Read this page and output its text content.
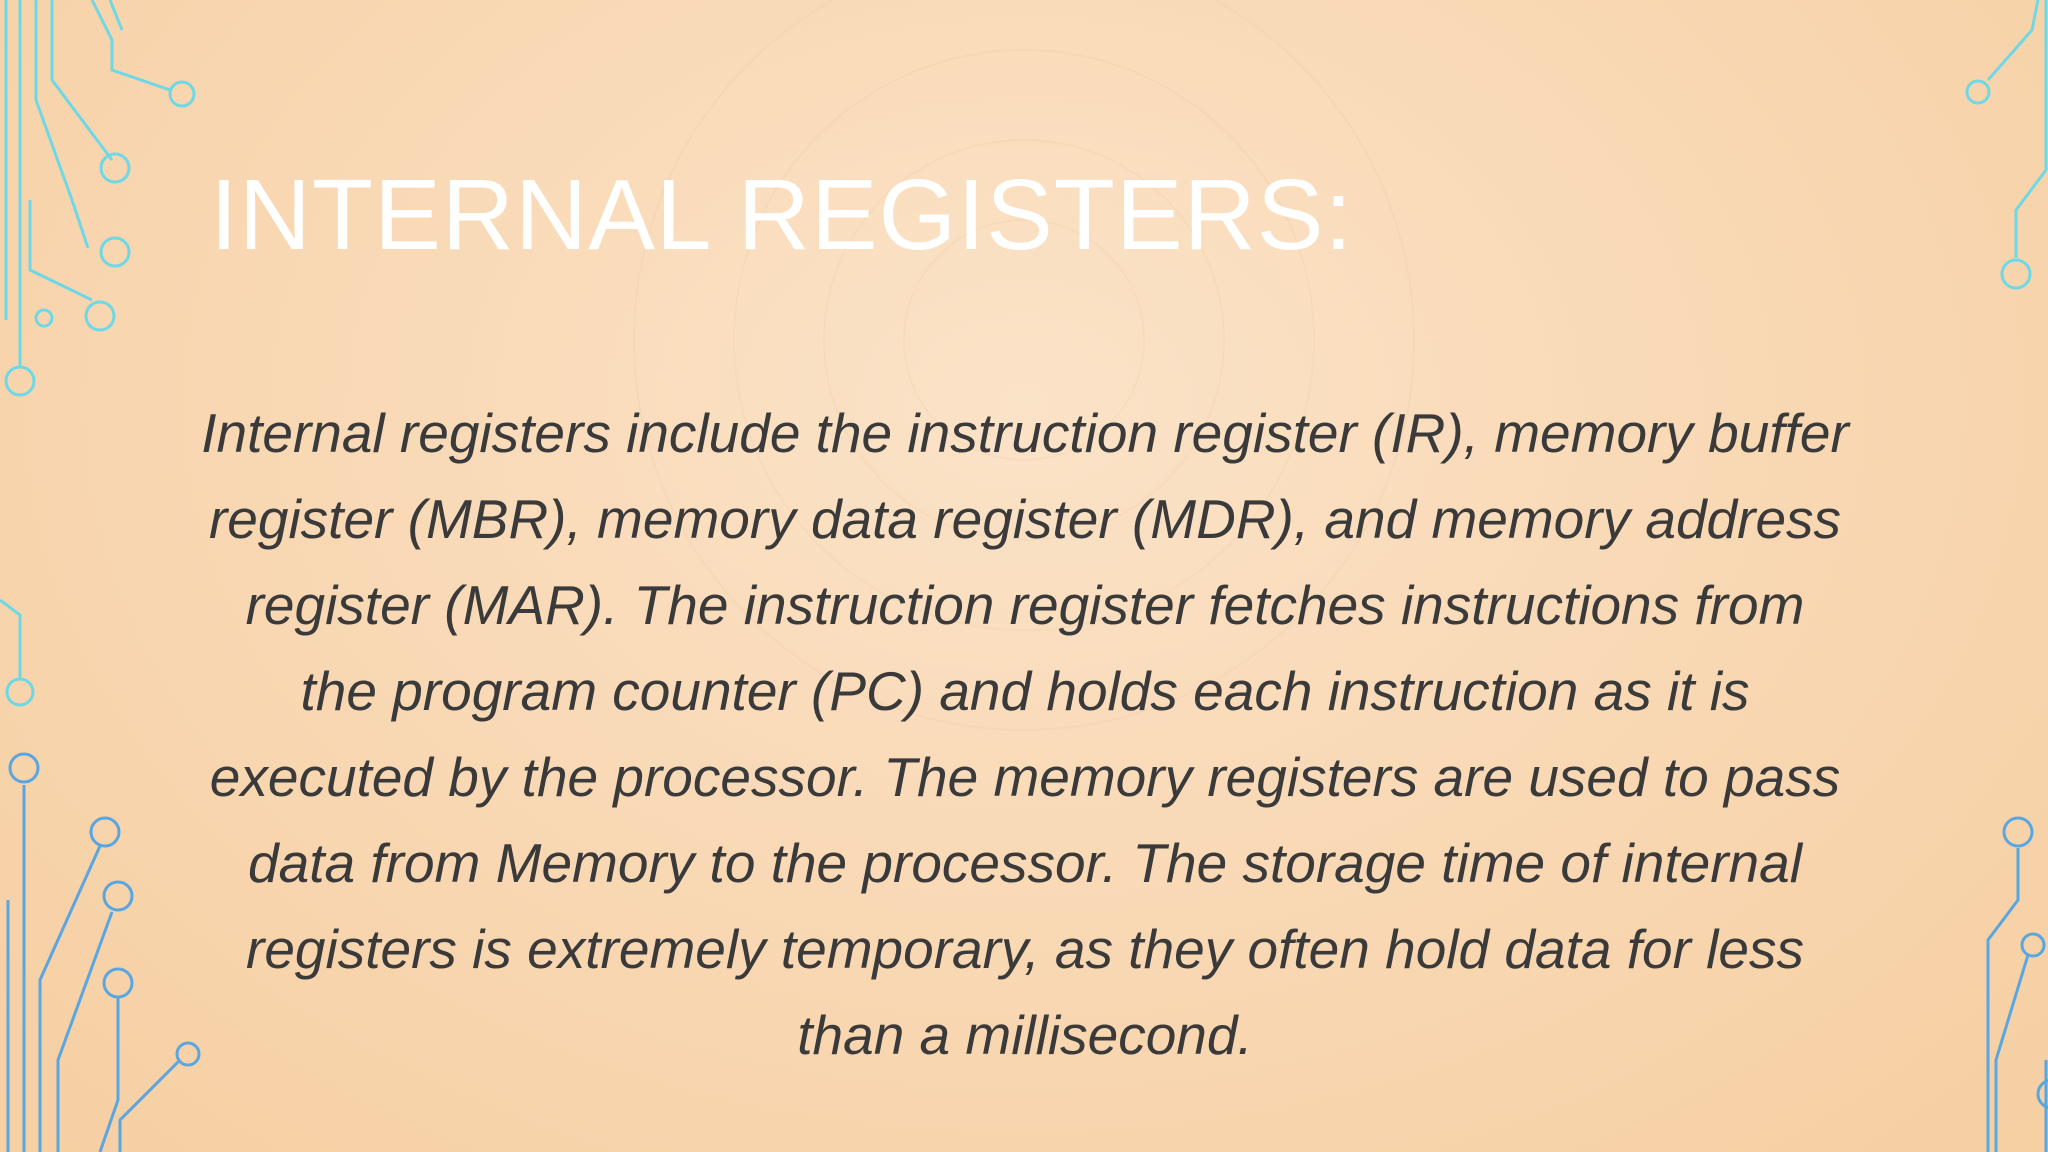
INTERNAL REGISTERS:

Internal registers include the instruction register (IR), memory buffer register (MBR), memory data register (MDR), and memory address register (MAR). The instruction register fetches instructions from the program counter (PC) and holds each instruction as it is executed by the processor. The memory registers are used to pass data from Memory to the processor. The storage time of internal registers is extremely temporary, as they often hold data for less than a millisecond.
